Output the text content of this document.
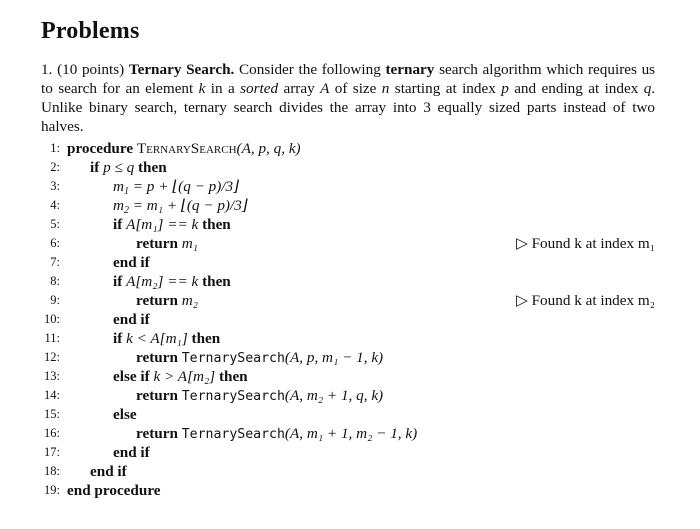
Problems
1. (10 points) Ternary Search. Consider the following ternary search algorithm which requires us to search for an element k in a sorted array A of size n starting at index p and ending at index q. Unlike binary search, ternary search divides the array into 3 equally sized parts instead of two halves.
1: procedure TernarySearch(A, p, q, k)
2: if p ≤ q then
3:	$m_1 = p$ + ⌊(q − p)/3⌋
4:	$m_2 = m_1$ + ⌊(q − p)/3⌋
5:	if A[m₁] == k then
6:	return m₁	▷ Found k at index m₁
7:	end if
8:	if A[m₂] == k then
9:	return m₂	▷ Found k at index m₂
10:	end if
11:	if k < A[m₁] then
12:	return TernarySearch(A, p, m₁ − 1, k)
13:	else if k > A[m₂] then
14:	return TernarySearch(A, m₂ + 1, q, k)
15:	else
16:	return TernarySearch(A, m₁ + 1, m₂ − 1, k)
17:	end if
18: end if
19: end procedure
